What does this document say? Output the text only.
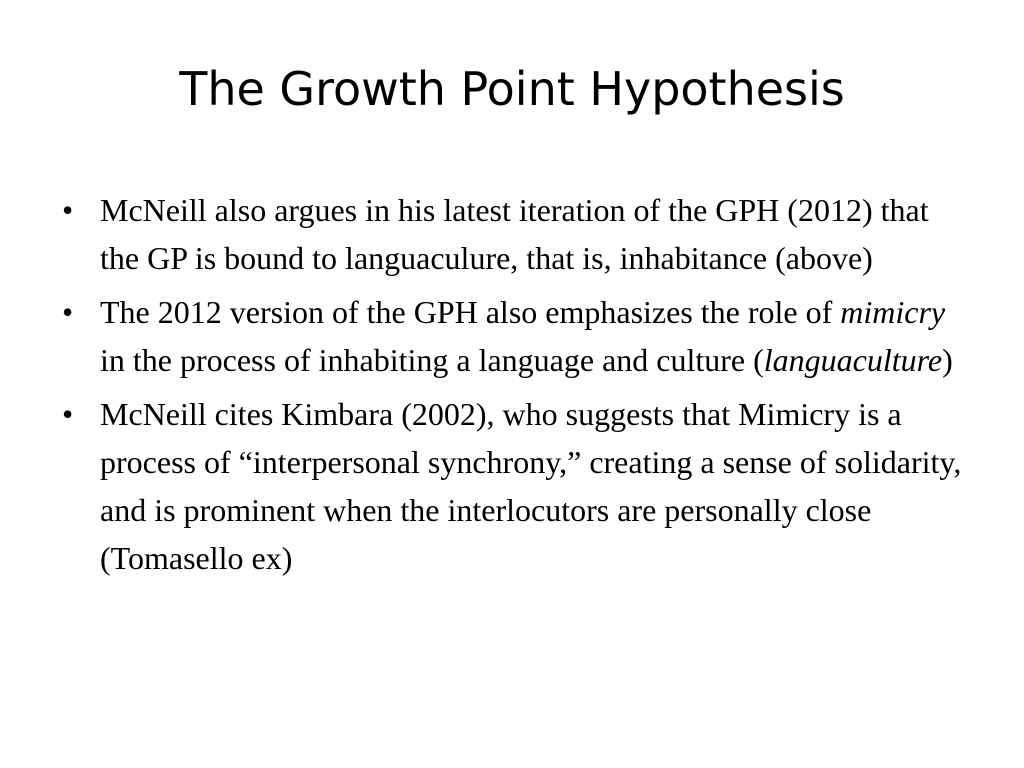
The Growth Point Hypothesis
• McNeill also argues in his latest iteration of the GPH (2012) that the GP is bound to languaculure, that is, inhabitance (above)
• The 2012 version of the GPH also emphasizes the role of mimicry in the process of inhabiting a language and culture (languaculture)
• McNeill cites Kimbara (2002), who suggests that Mimicry is a process of “interpersonal synchrony,” creating a sense of solidarity, and is prominent when the interlocutors are personally close (Tomasello ex)
